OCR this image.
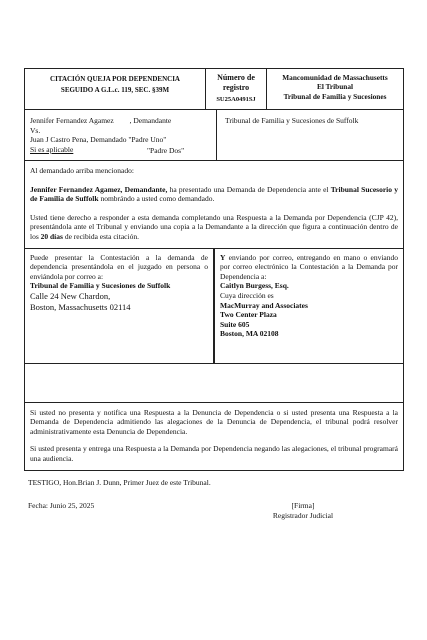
CITACIÓN QUEJA POR DEPENDENCIA
SEGUIDO A G.L.c. 119, SEC. §39M
Número de
registro
SU25A0491SJ
Mancomunidad de Massachusetts
El Tribunal
Tribunal de Familia y Sucesiones
Jennifer Fernandez Agamez , Demandante
Vs.
Juan J Castro Pena, Demandado "Padre Uno"
Si es aplicable	"Padre Dos"
Tribunal de Familia y Sucesiones de Suffolk

Al demandado arriba mencionado:

Jennifer Fernandez Agamez, Demandante, ha presentado una Demanda de Dependencia ante el Tribunal Sucesorio y de Familia de Suffolk nombrándo a usted como demandado.

Usted tiene derecho a responder a esta demanda completando una Respuesta a la Demanda por Dependencia (CJP 42), presentándola ante el Tribunal y enviando una copia a la Demandante a la dirección que figura a continuación dentro de los 20 días de recibida esta citación.

Puede presentar la Contestación a la demanda de dependencia presentándola en el juzgado en persona o enviándola por correo a:
Tribunal de Familia y Sucesiones de Suffolk
Calle 24 New Chardon,
Boston, Massachusetts 02114
Y enviando por correo, entregando en mano o enviando por correo electrónico la Contestación a la Demanda por Dependencia a:
Caitlyn Burgess, Esq.
Cuya dirección es
MacMurray and Associates
Two Center Plaza
Suite 605
Boston, MA 02108

Si usted no presenta y notifica una Respuesta a la Denuncia de Dependencia o si usted presenta una Respuesta a la Demanda de Dependencia admitiendo las alegaciones de la Denuncia de Dependencia, el tribunal podrá resolver administrativamente esta Denuncia de Dependencia.

Si usted presenta y entrega una Respuesta a la Demanda por Dependencia negando las alegaciones, el tribunal programará una audiencia.

TESTIGO, Hon.Brian J. Dunn, Primer Juez de este Tribunal.
Fecha: Junio 25, 2025	[Firma]
Registrador Judicial
